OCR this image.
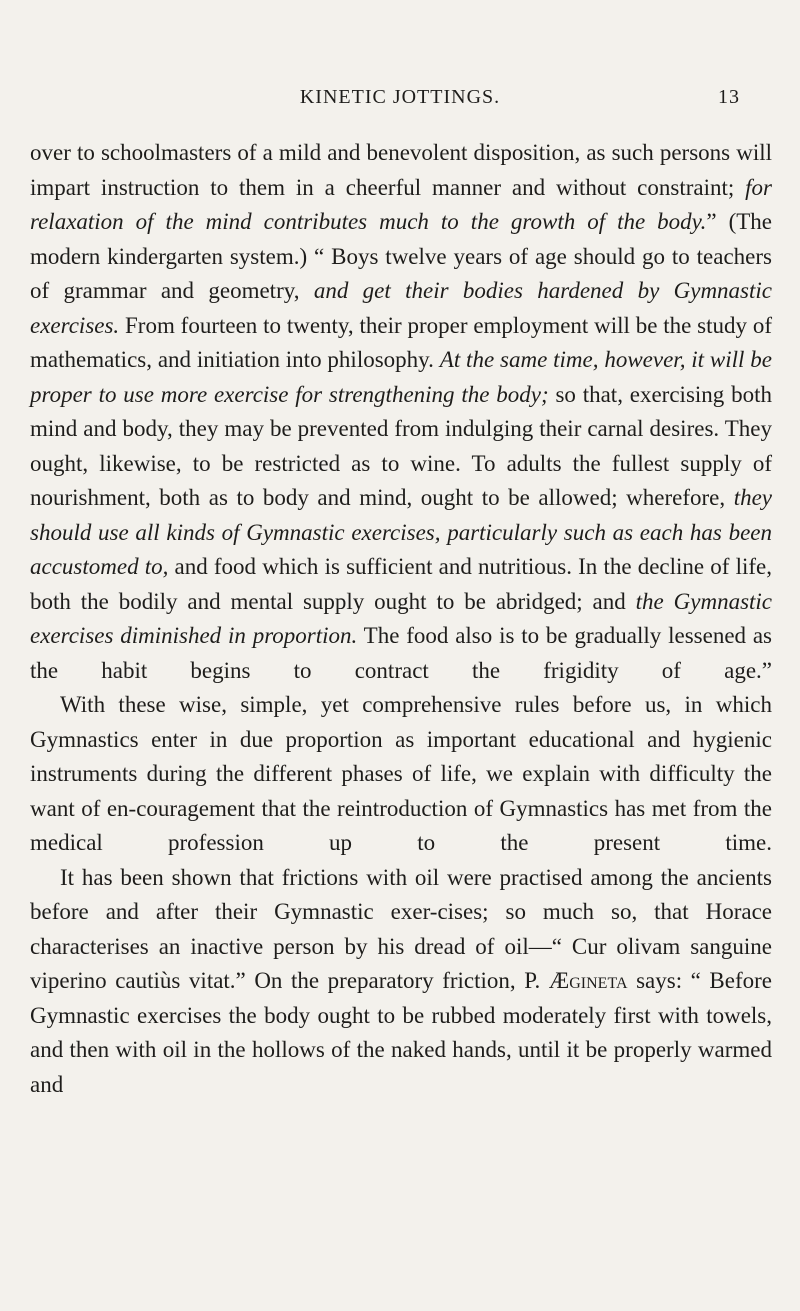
KINETIC JOTTINGS.	13

over to schoolmasters of a mild and benevolent disposition, as such persons will impart instruction to them in a cheerful manner and without constraint; for relaxation of the mind contributes much to the growth of the body.” (The modern kindergarten system.) “ Boys twelve years of age should go to teachers of grammar and geometry, and get their bodies hardened by Gymnastic exercises. From fourteen to twenty, their proper employment will be the study of mathematics, and initiation into philosophy. At the same time, however, it will be proper to use more exercise for strengthening the body; so that, exercising both mind and body, they may be prevented from indulging their carnal desires. They ought, likewise, to be restricted as to wine. To adults the fullest supply of nourishment, both as to body and mind, ought to be allowed; wherefore, they should use all kinds of Gymnastic exercises, particularly such as each has been accustomed to, and food which is sufficient and nutritious. In the decline of life, both the bodily and mental supply ought to be abridged; and the Gymnastic exercises diminished in proportion. The food also is to be gradually lessened as the habit begins to contract the frigidity of age.”

With these wise, simple, yet comprehensive rules before us, in which Gymnastics enter in due proportion as important educational and hygienic instruments during the different phases of life, we explain with difficulty the want of en-couragement that the reintroduction of Gymnastics has met from the medical profession up to the present time.

It has been shown that frictions with oil were practised among the ancients before and after their Gymnastic exer-cises; so much so, that Horace characterises an inactive person by his dread of oil—“ Cur olivam sanguine viperino cautiùs vitat.” On the preparatory friction, P. Ægineta says: “ Before Gymnastic exercises the body ought to be rubbed moderately first with towels, and then with oil in the hollows of the naked hands, until it be properly warmed and
